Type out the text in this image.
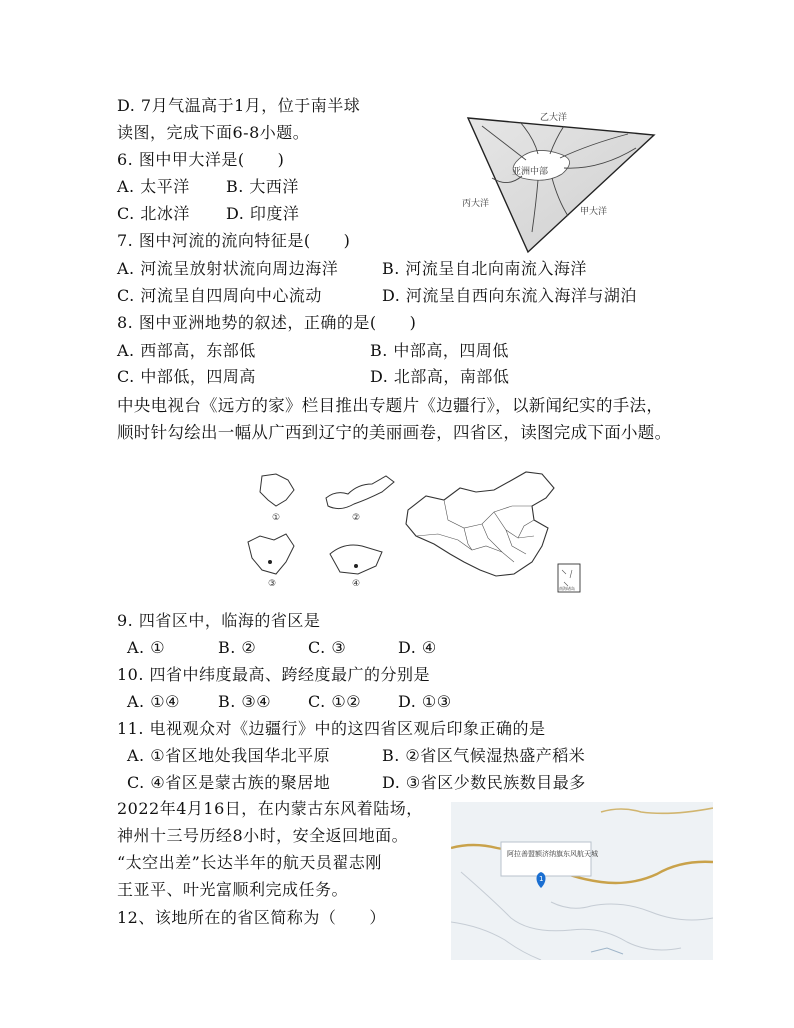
D. 7月气温高于1月，位于南半球
读图，完成下面6-8小题。
6. 图中甲大洋是(　　)
A. 太平洋 B. 大西洋
C. 北冰洋 D. 印度洋
7. 图中河流的流向特征是(　　)
A. 河流呈放射状流向周边海洋	B. 河流呈自北向南流入海洋
C. 河流呈自四周向中心流动	D. 河流呈自西向东流入海洋与湖泊
8. 图中亚洲地势的叙述，正确的是(　　)
A. 西部高，东部低	B. 中部高，四周低
C. 中部低，四周高	D. 北部高，南部低
中央电视台《远方的家》栏目推出专题片《边疆行》，以新闻纪实的手法，顺时针勾绘出一幅从广西到辽宁的美丽画卷，四省区，读图完成下面小题。
9. 四省区中，临海的省区是
A. ①	B. ②	C. ③	D. ④
10. 四省中纬度最高、跨经度最广的分别是
A. ①④ B. ③④ C. ①② D. ①③
11. 电视观众对《边疆行》中的这四省区观后印象正确的是
A. ①省区地处我国华北平原	B. ②省区气候湿热盛产稻米
C. ④省区是蒙古族的聚居地	D. ③省区少数民族数目最多
2022年4月16日，在内蒙古东风着陆场，
神州十三号历经8小时，安全返回地面。
“太空出差”长达半年的航天员翟志刚
王亚平、叶光富顺利完成任务。
12、该地所在的省区简称为（　　）
乙大洋
丙大洋
甲大洋
亚洲中部
①	②
③	④	南海诸岛
阿拉善盟额济纳旗东风航天城
1
